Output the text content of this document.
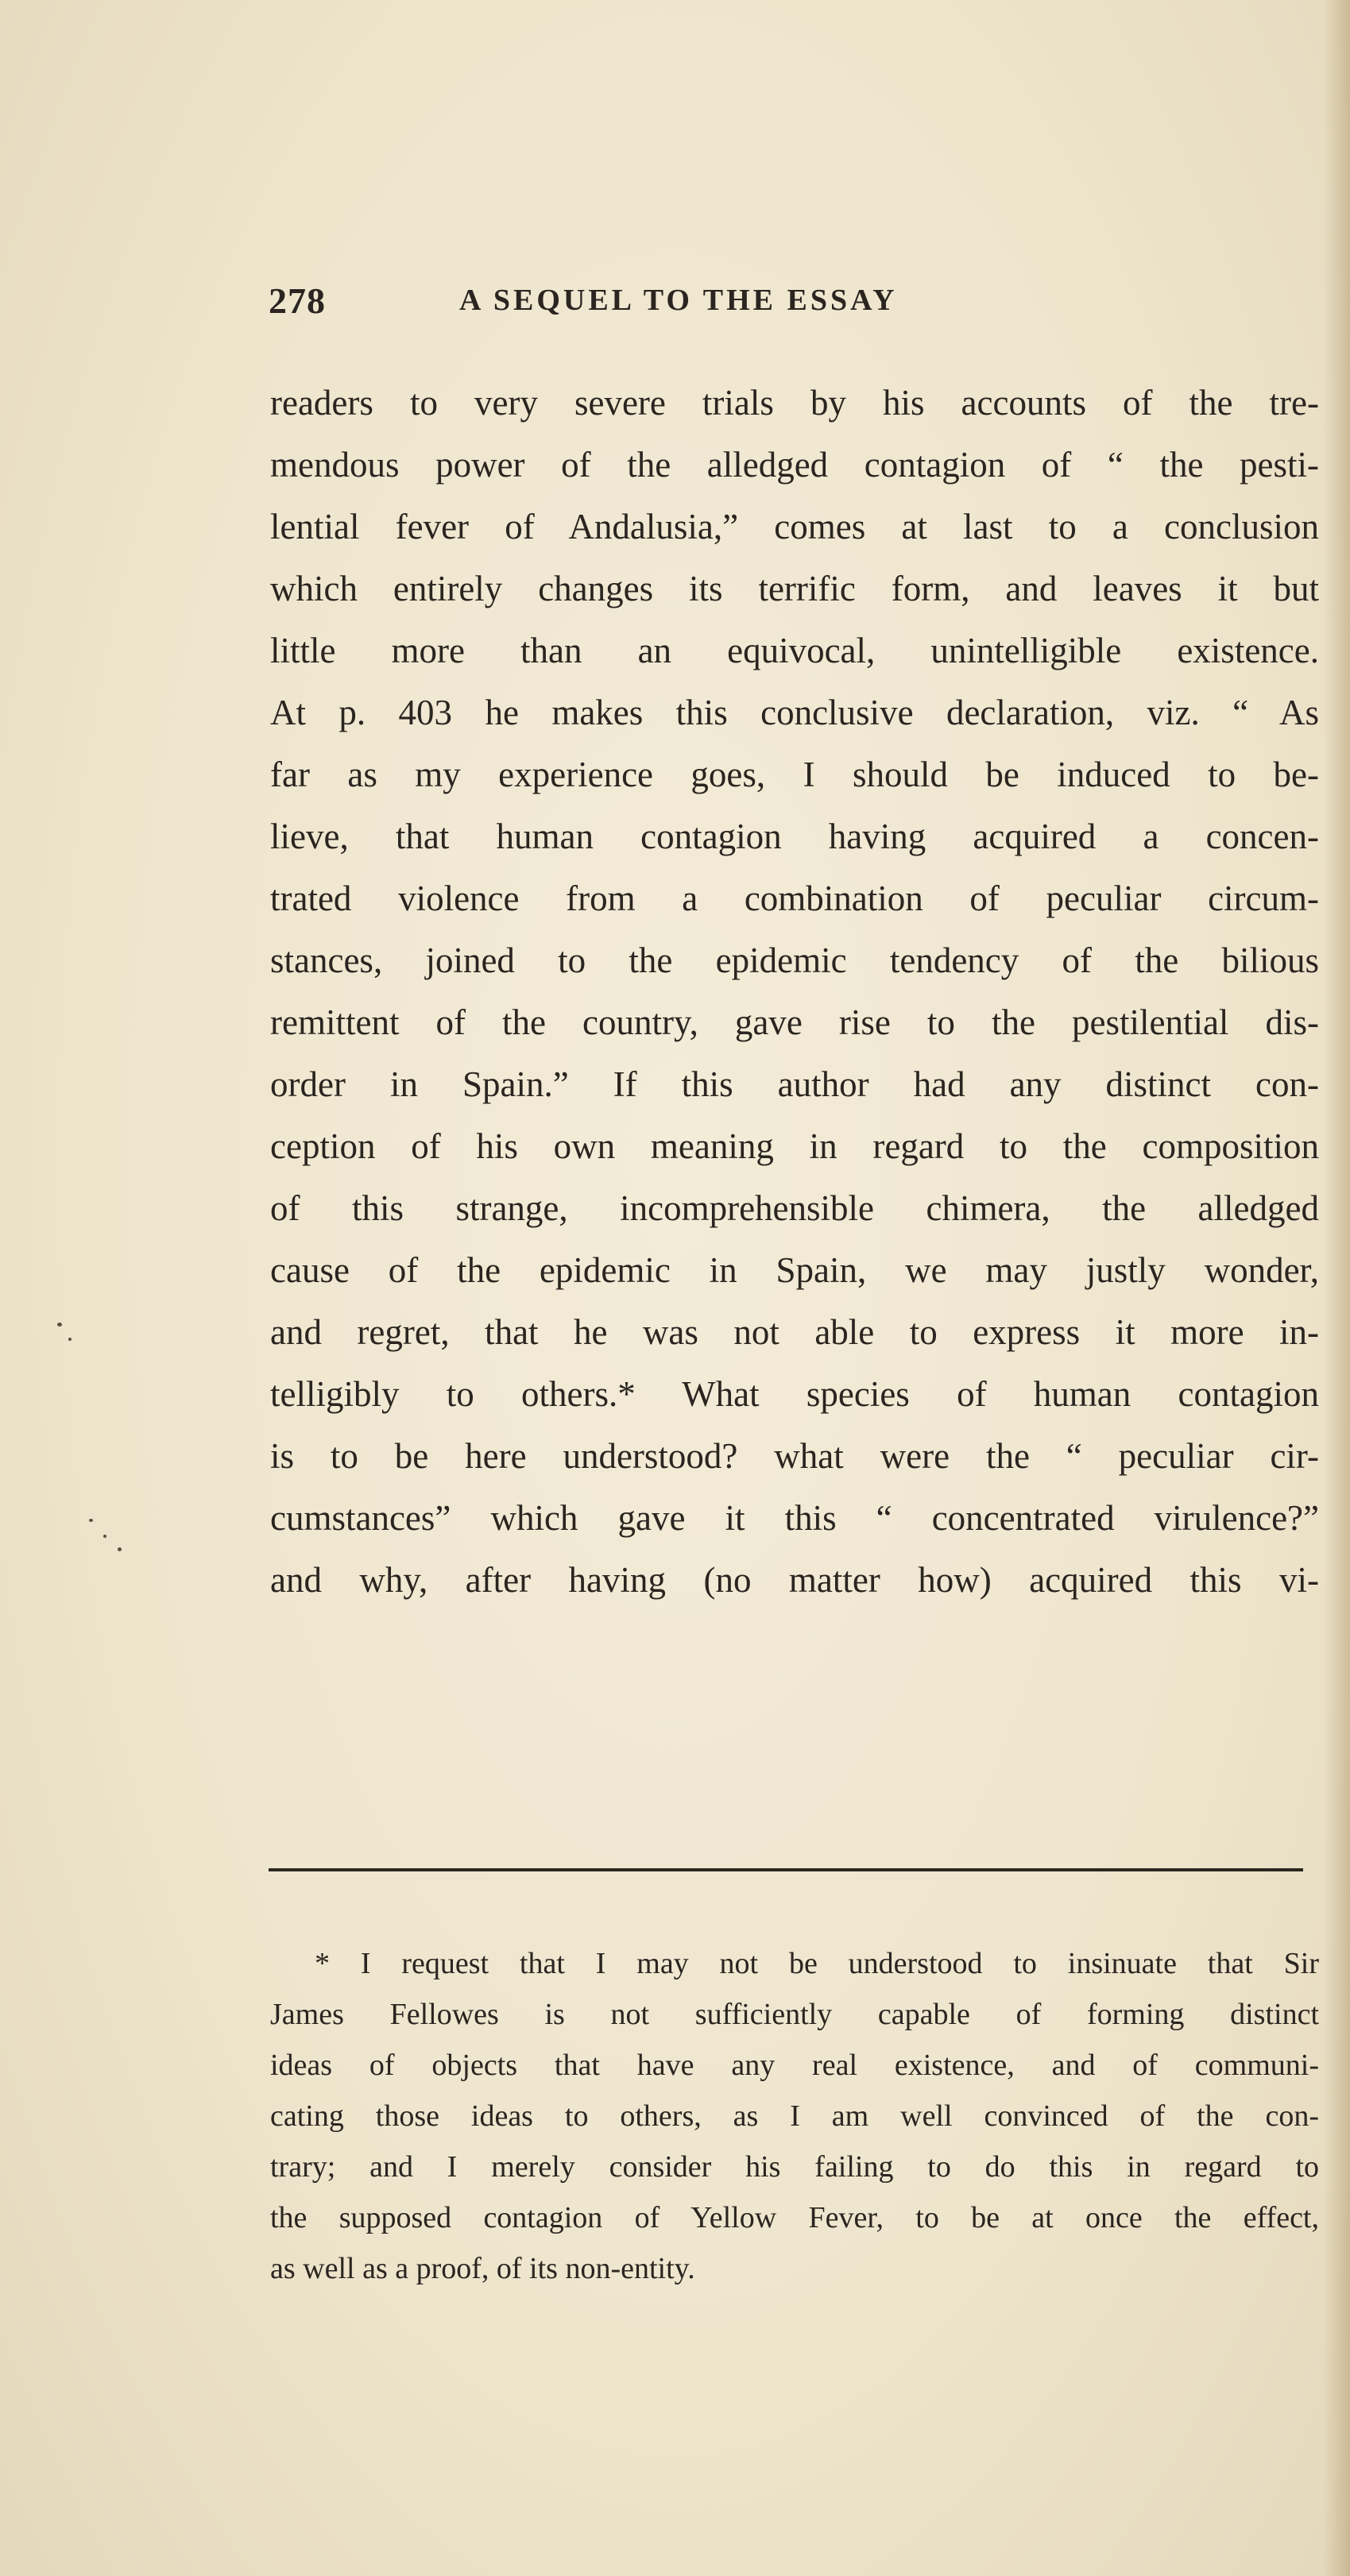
278	A SEQUEL TO THE ESSAY
readers to very severe trials by his accounts of the tre-
mendous power of the alledged contagion of “ the pesti-
lential fever of Andalusia,” comes at last to a conclusion
which entirely changes its terrific form, and leaves it but
little more than an equivocal, unintelligible existence.
At p. 403 he makes this conclusive declaration, viz. “ As
far as my experience goes, I should be induced to be-
lieve, that human contagion having acquired a concen-
trated violence from a combination of peculiar circum-
stances, joined to the epidemic tendency of the bilious
remittent of the country, gave rise to the pestilential dis-
order in Spain.” If this author had any distinct con-
ception of his own meaning in regard to the composition
of this strange, incomprehensible chimera, the alledged
cause of the epidemic in Spain, we may justly wonder,
and regret, that he was not able to express it more in-
telligibly to others.* What species of human contagion
is to be here understood? what were the “ peculiar cir-
cumstances” which gave it this “ concentrated virulence?”
and why, after having (no matter how) acquired this vi-
* I request that I may not be understood to insinuate that Sir
James Fellowes is not sufficiently capable of forming distinct
ideas of objects that have any real existence, and of communi-
cating those ideas to others, as I am well convinced of the con-
trary; and I merely consider his failing to do this in regard to
the supposed contagion of Yellow Fever, to be at once the effect,
as well as a proof, of its non-entity.
